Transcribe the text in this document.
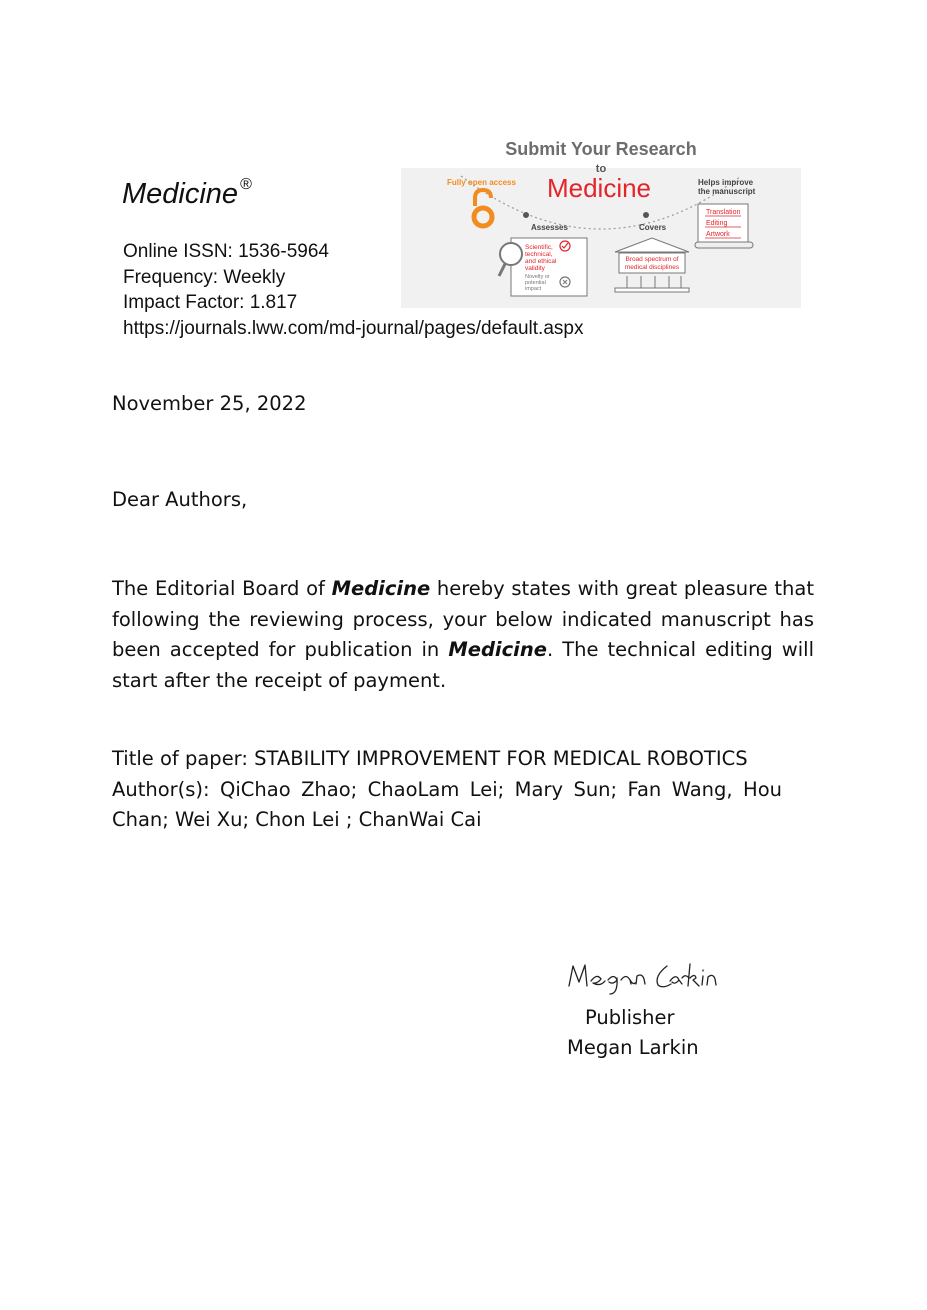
Medicine ®
Online ISSN: 1536-5964
Frequency: Weekly
Impact Factor: 1.817
https://journals.lww.com/md-journal/pages/default.aspx
Submit Your Research
to
Medicine
Fully open access	Helps improve
the manuscript
Translation
Editing
Artwork
Assesses	Covers
Scientific,
technical,
and ethical
validity
Novelty or
potential
impact
Broad spectrum of
medical disciplines
November 25, 2022
Dear Authors,
The Editorial Board of Medicine hereby states with great pleasure that following the reviewing process, your below indicated manuscript has been accepted for publication in Medicine. The technical editing will start after the receipt of payment.
Title of paper: STABILITY IMPROVEMENT FOR MEDICAL ROBOTICS
Author(s): QiChao Zhao; ChaoLam Lei; Mary Sun; Fan Wang, Hou Chan; Wei Xu; Chon Lei ; ChanWai Cai
Publisher
Megan Larkin
